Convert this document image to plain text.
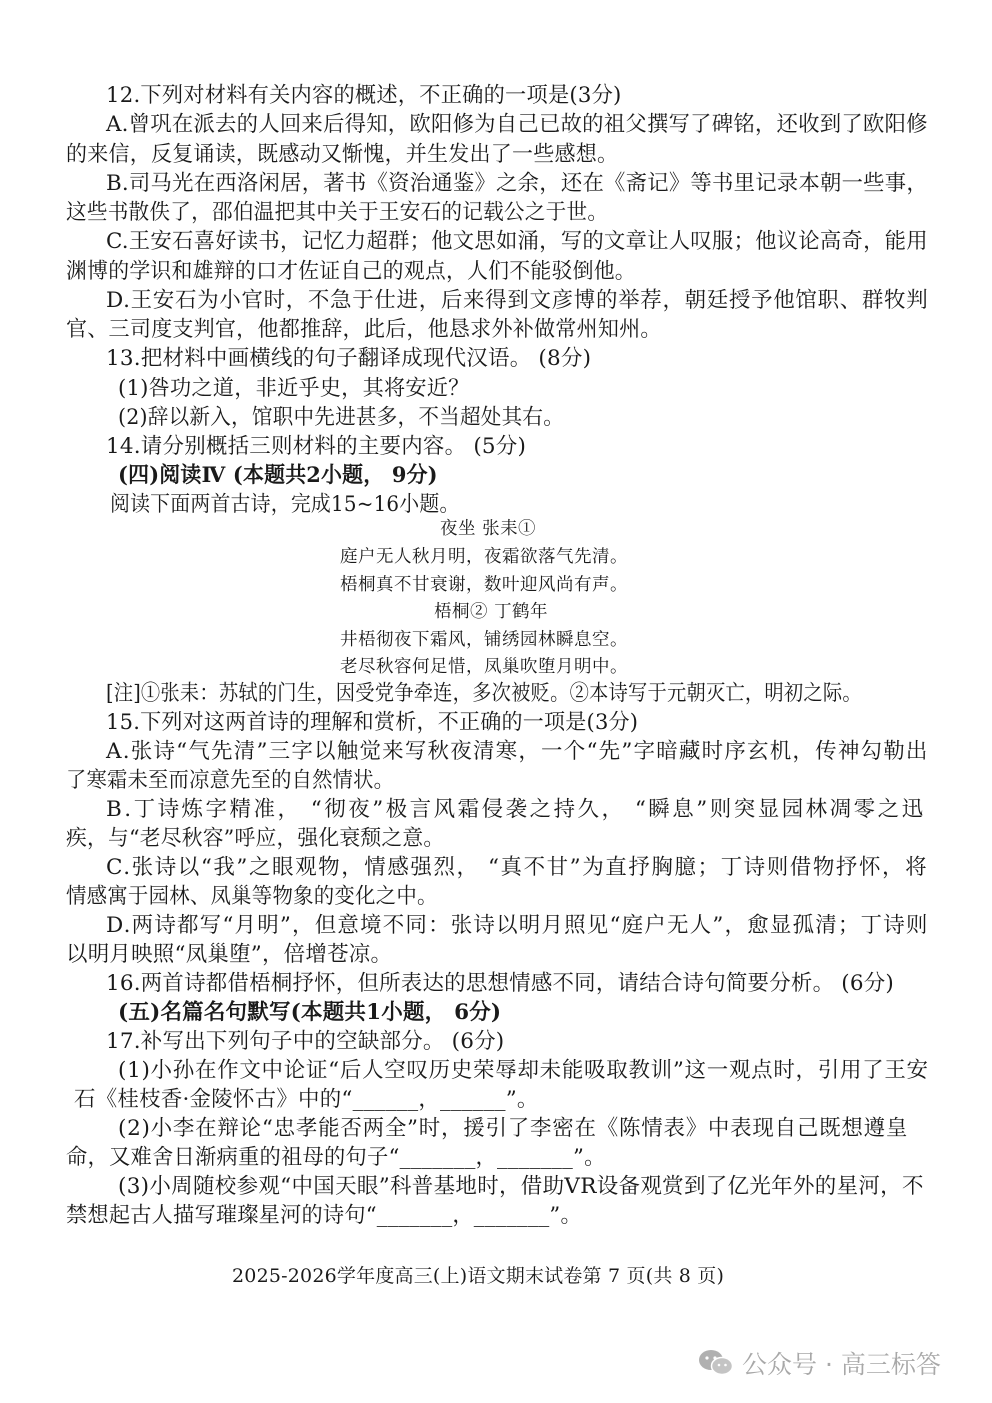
12.下列对材料有关内容的概述，不正确的一项是(3分)
A.曾巩在派去的人回来后得知，欧阳修为自己已故的祖父撰写了碑铭，还收到了欧阳修
的来信，反复诵读，既感动又惭愧，并生发出了一些感想。
B.司马光在西洛闲居，著书《资治通鉴》之余，还在《斋记》等书里记录本朝一些事，
这些书散佚了，邵伯温把其中关于王安石的记载公之于世。
C.王安石喜好读书，记忆力超群；他文思如涌，写的文章让人叹服；他议论高奇，能用
渊博的学识和雄辩的口才佐证自己的观点，人们不能驳倒他。
D.王安石为小官时，不急于仕进，后来得到文彦博的举荐，朝廷授予他馆职、群牧判
官、三司度支判官，他都推辞，此后，他恳求外补做常州知州。
13.把材料中画横线的句子翻译成现代汉语。 (8分)
(1)咎功之道，非近乎史，其将安近？
(2)辞以新入，馆职中先进甚多，不当超处其右。
14.请分别概括三则材料的主要内容。 (5分)
(四)阅读Ⅳ (本题共2小题， 9分)
阅读下面两首古诗，完成15~16小题。
夜坐 张耒①
庭户无人秋月明，夜霜欲落气先清。
梧桐真不甘衰谢，数叶迎风尚有声。
梧桐② 丁鹤年
井梧彻夜下霜风，铺绣园林瞬息空。
老尽秋容何足惜，凤巢吹堕月明中。
[注]①张耒：苏轼的门生，因受党争牵连，多次被贬。②本诗写于元朝灭亡，明初之际。
15.下列对这两首诗的理解和赏析，不正确的一项是(3分)
A.张诗“气先清”三字以触觉来写秋夜清寒，一个“先”字暗藏时序玄机，传神勾勒出
了寒霜未至而凉意先至的自然情状。
B.丁诗炼字精准， “彻夜”极言风霜侵袭之持久， “瞬息”则突显园林凋零之迅
疾，与“老尽秋容”呼应，强化衰颓之意。
C.张诗以“我”之眼观物，情感强烈， “真不甘”为直抒胸臆；丁诗则借物抒怀，将
情感寓于园林、凤巢等物象的变化之中。
D.两诗都写“月明”，但意境不同：张诗以明月照见“庭户无人”，愈显孤清；丁诗则
以明月映照“凤巢堕”，倍增苍凉。
16.两首诗都借梧桐抒怀，但所表达的思想情感不同，请结合诗句简要分析。 (6分)
(五)名篇名句默写(本题共1小题， 6分)
17.补写出下列句子中的空缺部分。 (6分)
(1)小孙在作文中论证“后人空叹历史荣辱却未能吸取教训”这一观点时，引用了王安
石《桂枝香·金陵怀古》中的“______，______”。
(2)小李在辩论“忠孝能否两全”时，援引了李密在《陈情表》中表现自己既想遵皇
命，又难舍日渐病重的祖母的句子“_______，_______”。
(3)小周随校参观“中国天眼”科普基地时，借助VR设备观赏到了亿光年外的星河，不
禁想起古人描写璀璨星河的诗句“_______，_______”。
2025-2026学年度高三(上)语文期末试卷第 7 页(共 8 页)
公众号 · 高三标答
